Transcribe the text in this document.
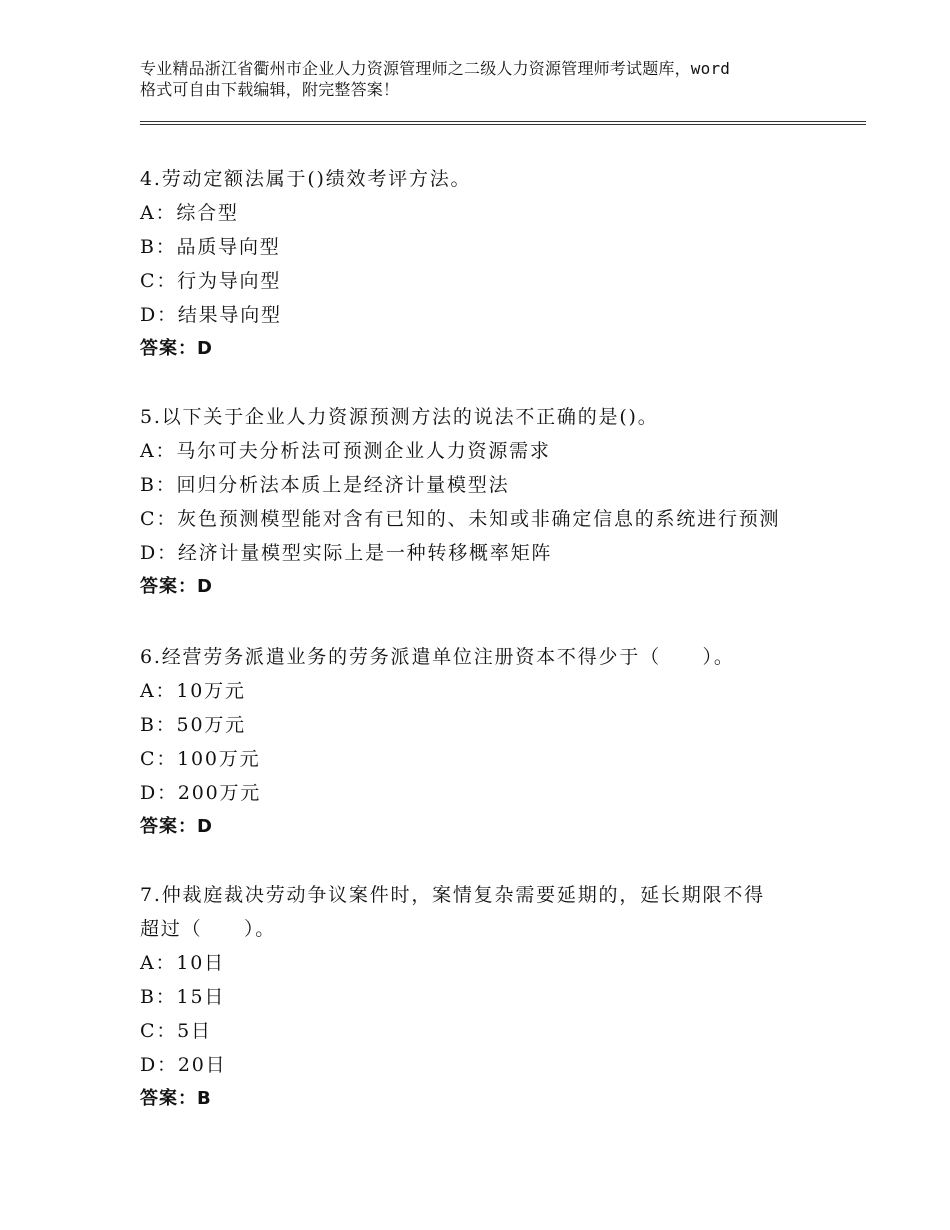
专业精品浙江省衢州市企业人力资源管理师之二级人力资源管理师考试题库，word
格式可自由下载编辑，附完整答案！
4.劳动定额法属于()绩效考评方法。
A：综合型
B：品质导向型
C：行为导向型
D：结果导向型
答案：D
5.以下关于企业人力资源预测方法的说法不正确的是()。
A：马尔可夫分析法可预测企业人力资源需求
B：回归分析法本质上是经济计量模型法
C：灰色预测模型能对含有已知的、未知或非确定信息的系统进行预测
D：经济计量模型实际上是一种转移概率矩阵
答案：D
6.经营劳务派遣业务的劳务派遣单位注册资本不得少于（　　）。
A：10万元
B：50万元
C：100万元
D：200万元
答案：D
7.仲裁庭裁决劳动争议案件时，案情复杂需要延期的，延长期限不得
超过（　　）。
A：10日
B：15日
C：5日
D：20日
答案：B
